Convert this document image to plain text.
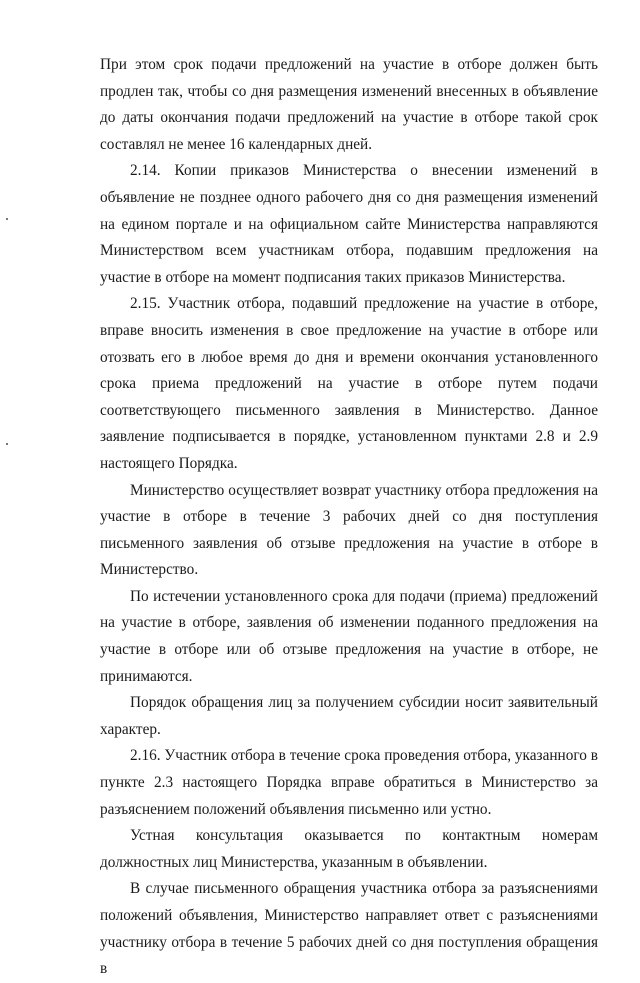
При этом срок подачи предложений на участие в отборе должен быть продлен так, чтобы со дня размещения изменений внесенных в объявление до даты окончания подачи предложений на участие в отборе такой срок составлял не менее 16 календарных дней.

2.14. Копии приказов Министерства о внесении изменений в объявление не позднее одного рабочего дня со дня размещения изменений на едином портале и на официальном сайте Министерства направляются Министерством всем участникам отбора, подавшим предложения на участие в отборе на момент подписания таких приказов Министерства.

2.15. Участник отбора, подавший предложение на участие в отборе, вправе вносить изменения в свое предложение на участие в отборе или отозвать его в любое время до дня и времени окончания установленного срока приема предложений на участие в отборе путем подачи соответствующего письменного заявления в Министерство. Данное заявление подписывается в порядке, установленном пунктами 2.8 и 2.9 настоящего Порядка.

Министерство осуществляет возврат участнику отбора предложения на участие в отборе в течение 3 рабочих дней со дня поступления письменного заявления об отзыве предложения на участие в отборе в Министерство.

По истечении установленного срока для подачи (приема) предложений на участие в отборе, заявления об изменении поданного предложения на участие в отборе или об отзыве предложения на участие в отборе, не принимаются.

Порядок обращения лиц за получением субсидии носит заявительный характер.

2.16. Участник отбора в течение срока проведения отбора, указанного в пункте 2.3 настоящего Порядка вправе обратиться в Министерство за разъяснением положений объявления письменно или устно.

Устная консультация оказывается по контактным номерам должностных лиц Министерства, указанным в объявлении.

В случае письменного обращения участника отбора за разъяснениями положений объявления, Министерство направляет ответ с разъяснениями участнику отбора в течение 5 рабочих дней со дня поступления обращения в
